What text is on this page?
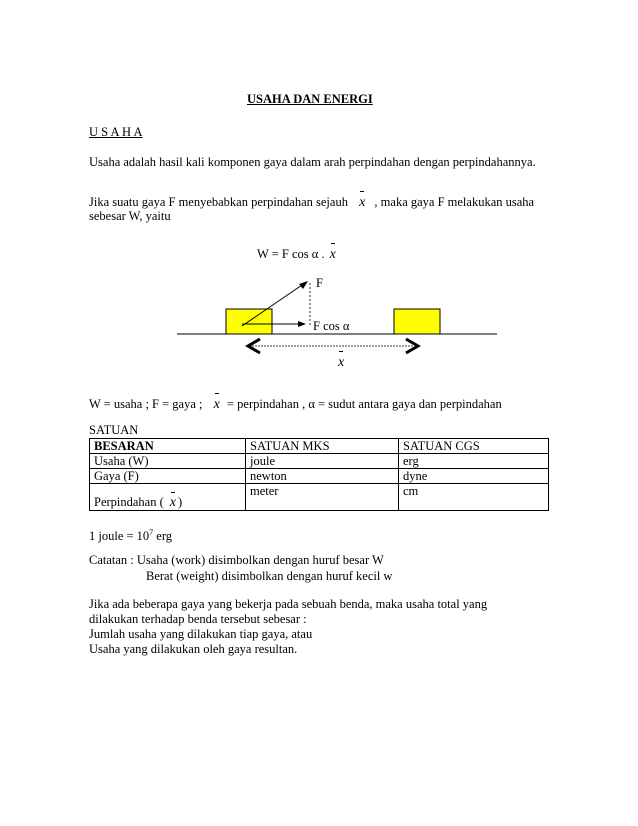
USAHA DAN ENERGI
U S A H A
Usaha adalah hasil kali komponen gaya dalam arah perpindahan dengan perpindahannya.
Jika suatu gaya F menyebabkan perpindahan sejauh x , maka gaya F melakukan usaha
sebesar W, yaitu
W = F cos α . x
F
F cos α
x
W = usaha ; F = gaya ; x = perpindahan , α = sudut antara gaya dan perpindahan
SATUAN
BESARAN	SATUAN MKS	SATUAN CGS
Usaha (W)	joule	erg
Gaya (F)	newton	dyne
Perpindahan ( x )	meter	cm
1 joule = $10^7$ erg
Catatan : Usaha (work) disimbolkan dengan huruf besar W
Berat (weight) disimbolkan dengan huruf kecil w
Jika ada beberapa gaya yang bekerja pada sebuah benda, maka usaha total yang
dilakukan terhadap benda tersebut sebesar :
Jumlah usaha yang dilakukan tiap gaya, atau
Usaha yang dilakukan oleh gaya resultan.
